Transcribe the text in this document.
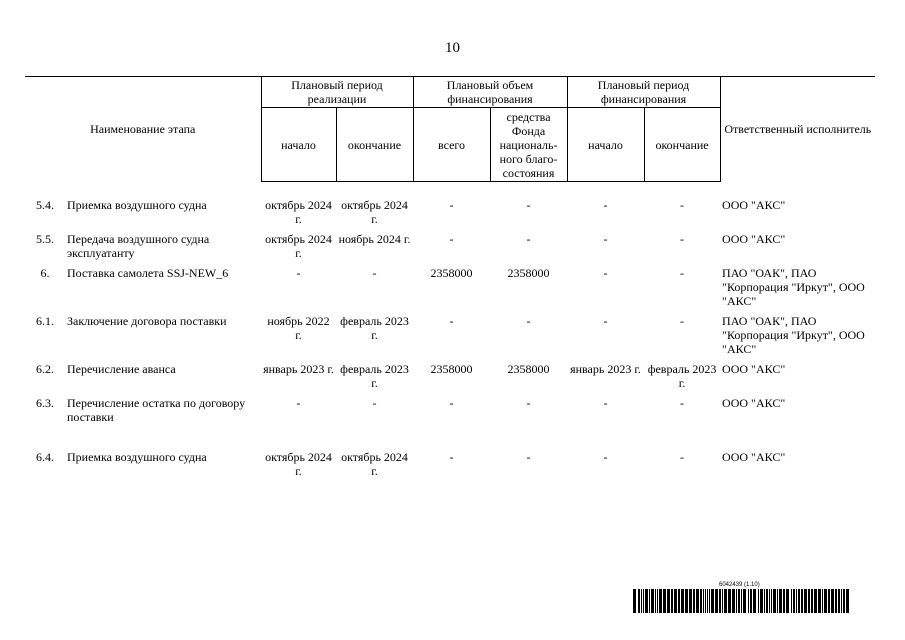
10
Наименование этапа		Плановый период реализации		Плановый объем финансирования		Плановый период финансирования		Ответственный исполнитель
		начало	окончание	всего	средства Фонда националь-ного благо-состояния	начало	окончание	

5.4.	Приемка воздушного судна	октябрь 2024 г.	октябрь 2024 г.	-	-	-	-	ООО "АКС"
5.5.	Передача воздушного судна эксплуатанту	октябрь 2024 г.	ноябрь 2024 г.	-	-	-	-	ООО "АКС"
6.	Поставка самолета SSJ-NEW_6	-	-	2358000	2358000	-	-	ПАО "ОАК", ПАО "Корпорация "Иркут", ООО "АКС"
6.1.	Заключение договора поставки	ноябрь 2022 г.	февраль 2023 г.	-	-	-	-	ПАО "ОАК", ПАО "Корпорация "Иркут", ООО "АКС"
6.2.	Перечисление аванса	январь 2023 г.	февраль 2023 г.	2358000	2358000	январь 2023 г.	февраль 2023 г.	ООО "АКС"
6.3.	Перечисление остатка по договору поставки	-	-	-	-	-	-	ООО "АКС"
6.4.	Приемка воздушного судна	октябрь 2024 г.	октябрь 2024 г.	-	-	-	-	ООО "АКС"
6042439 (1.10)
